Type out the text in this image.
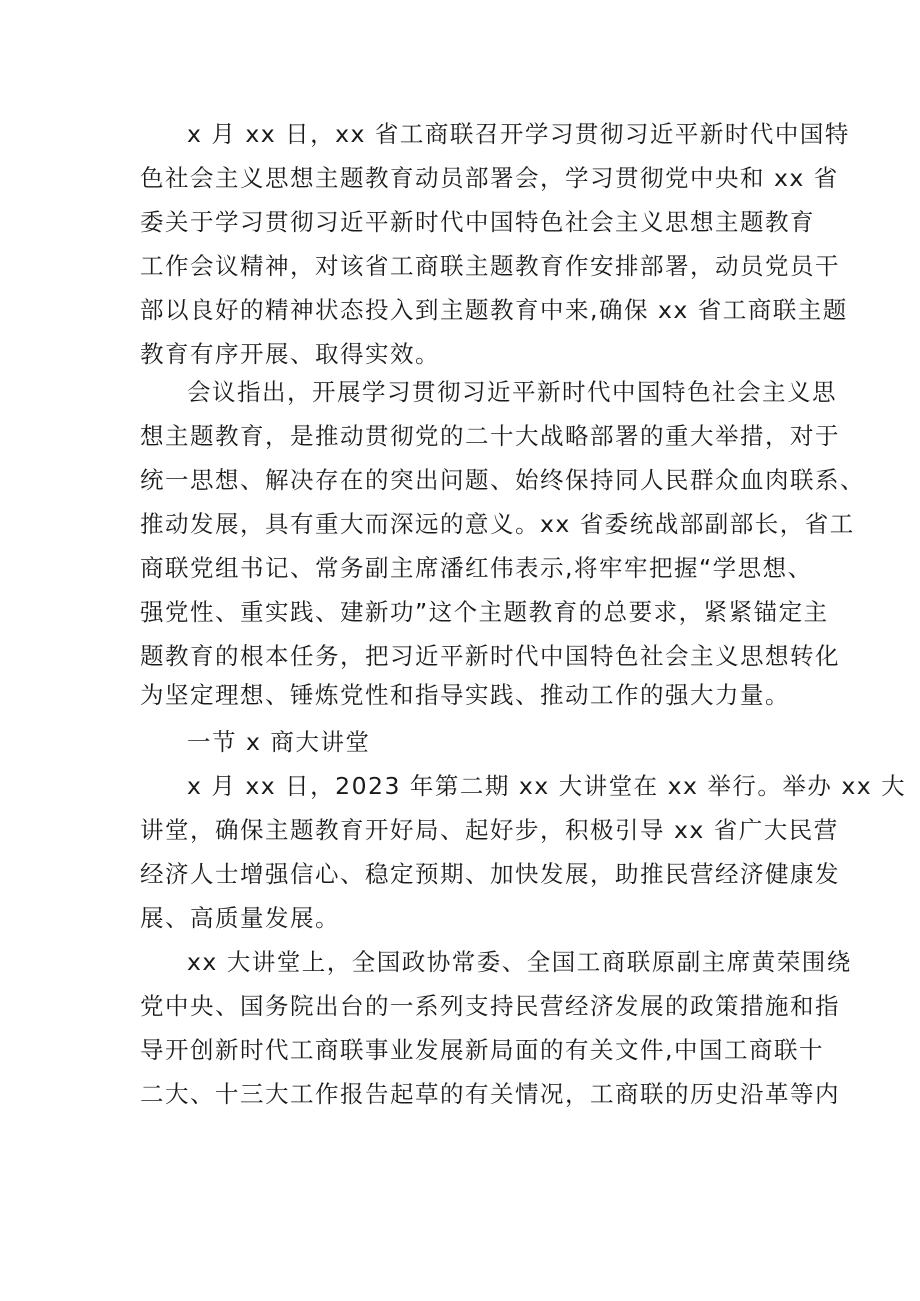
x 月 xx 日，xx 省工商联召开学习贯彻习近平新时代中国特
色社会主义思想主题教育动员部署会，学习贯彻党中央和 xx 省
委关于学习贯彻习近平新时代中国特色社会主义思想主题教育
工作会议精神，对该省工商联主题教育作安排部署，动员党员干
部以良好的精神状态投入到主题教育中来,确保 xx 省工商联主题
教育有序开展、取得实效。
会议指出，开展学习贯彻习近平新时代中国特色社会主义思
想主题教育，是推动贯彻党的二十大战略部署的重大举措，对于
统一思想、解决存在的突出问题、始终保持同人民群众血肉联系、
推动发展，具有重大而深远的意义。xx 省委统战部副部长，省工
商联党组书记、常务副主席潘红伟表示,将牢牢把握“学思想、
强党性、重实践、建新功”这个主题教育的总要求，紧紧锚定主
题教育的根本任务，把习近平新时代中国特色社会主义思想转化
为坚定理想、锤炼党性和指导实践、推动工作的强大力量。
一节 x 商大讲堂
x 月 xx 日，2023 年第二期 xx 大讲堂在 xx 举行。举办 xx 大
讲堂，确保主题教育开好局、起好步，积极引导 xx 省广大民营
经济人士增强信心、稳定预期、加快发展，助推民营经济健康发
展、高质量发展。
xx 大讲堂上，全国政协常委、全国工商联原副主席黄荣围绕
党中央、国务院出台的一系列支持民营经济发展的政策措施和指
导开创新时代工商联事业发展新局面的有关文件,中国工商联十
二大、十三大工作报告起草的有关情况，工商联的历史沿革等内
